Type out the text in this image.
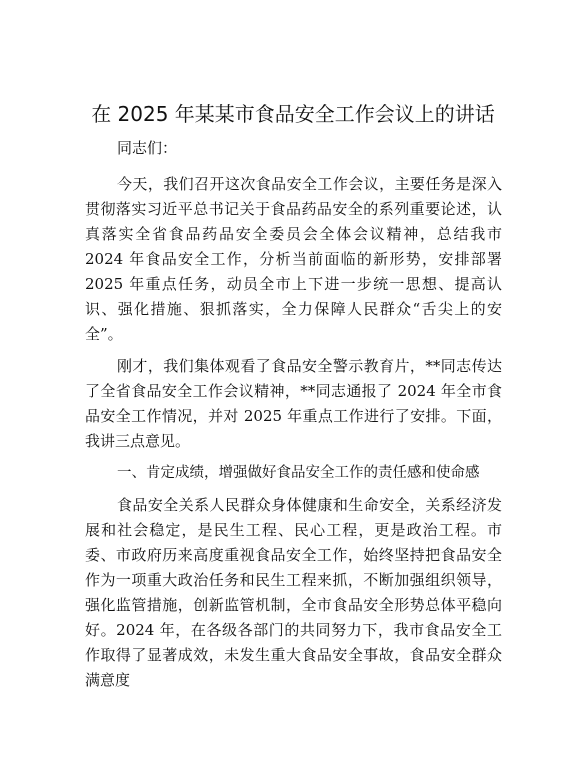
在 2025 年某某市食品安全工作会议上的讲话

同志们：

今天，我们召开这次食品安全工作会议，主要任务是深入贯彻落实习近平总书记关于食品药品安全的系列重要论述，认真落实全省食品药品安全委员会全体会议精神，总结我市 2024 年食品安全工作，分析当前面临的新形势，安排部署 2025 年重点任务，动员全市上下进一步统一思想、提高认识、强化措施、狠抓落实，全力保障人民群众“舌尖上的安全”。

刚才，我们集体观看了食品安全警示教育片，**同志传达了全省食品安全工作会议精神，**同志通报了 2024 年全市食品安全工作情况，并对 2025 年重点工作进行了安排。下面，我讲三点意见。

一、肯定成绩，增强做好食品安全工作的责任感和使命感

食品安全关系人民群众身体健康和生命安全，关系经济发展和社会稳定，是民生工程、民心工程，更是政治工程。市委、市政府历来高度重视食品安全工作，始终坚持把食品安全作为一项重大政治任务和民生工程来抓，不断加强组织领导，强化监管措施，创新监管机制，全市食品安全形势总体平稳向好。2024 年，在各级各部门的共同努力下，我市食品安全工作取得了显著成效，未发生重大食品安全事故，食品安全群众满意度
